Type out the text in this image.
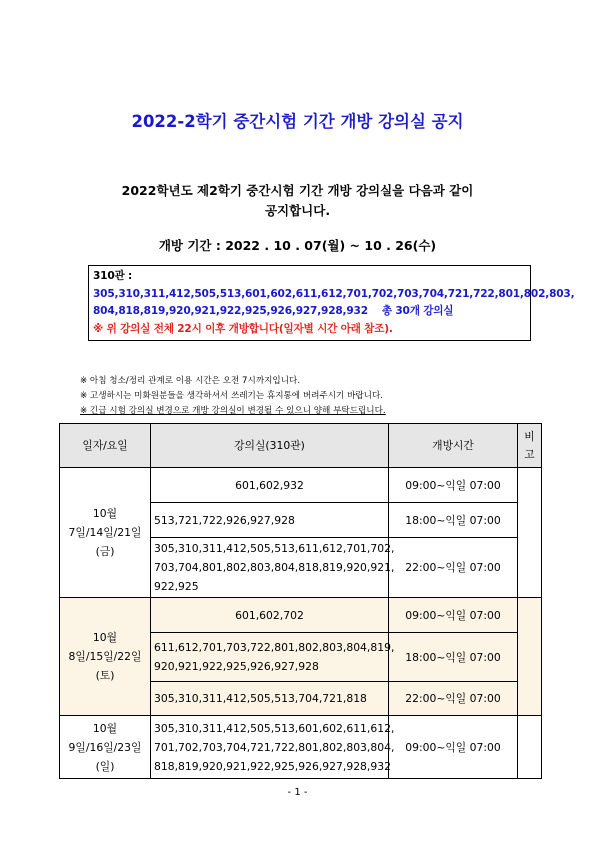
2022-2학기 중간시험 기간 개방 강의실 공지
2022학년도 제2학기 중간시험 기간 개방 강의실을 다음과 같이
공지합니다.
개방 기간 : 2022 . 10 . 07(월) ~ 10 . 26(수)
310관 :
305,310,311,412,505,513,601,602,611,612,701,702,703,704,721,722,801,802,803,
804,818,819,920,921,922,925,926,927,928,932 총 30개 강의실
※ 위 강의실 전체 22시 이후 개방합니다(일자별 시간 아래 참조).
※ 아침 청소/정리 관계로 이용 시간은 오전 7시까지입니다.
※ 고생하시는 미화원분들을 생각하셔서 쓰레기는 휴지통에 버려주시기 바랍니다.
※ 긴급 시험 강의실 변경으로 개방 강의실이 변경될 수 있으니 양해 부탁드립니다.
일자/요일	강의실(310관)	개방시간	비
고
10월
7일/14일/21일
(금)	601,602,932	09:00~익일 07:00	
	513,721,722,926,927,928	18:00~익일 07:00	
	305,310,311,412,505,513,611,612,701,702, 703,704,801,802,803,804,818,819,920,921, 922,925	22:00~익일 07:00	
10월
8일/15일/22일
(토)	601,602,702	09:00~익일 07:00	
	611,612,701,703,722,801,802,803,804,819, 920,921,922,925,926,927,928	18:00~익일 07:00	
	305,310,311,412,505,513,704,721,818	22:00~익일 07:00	
10월
9일/16일/23일
(일)	305,310,311,412,505,513,601,602,611,612, 701,702,703,704,721,722,801,802,803,804, 818,819,920,921,922,925,926,927,928,932	09:00~익일 07:00	
- 1 -
